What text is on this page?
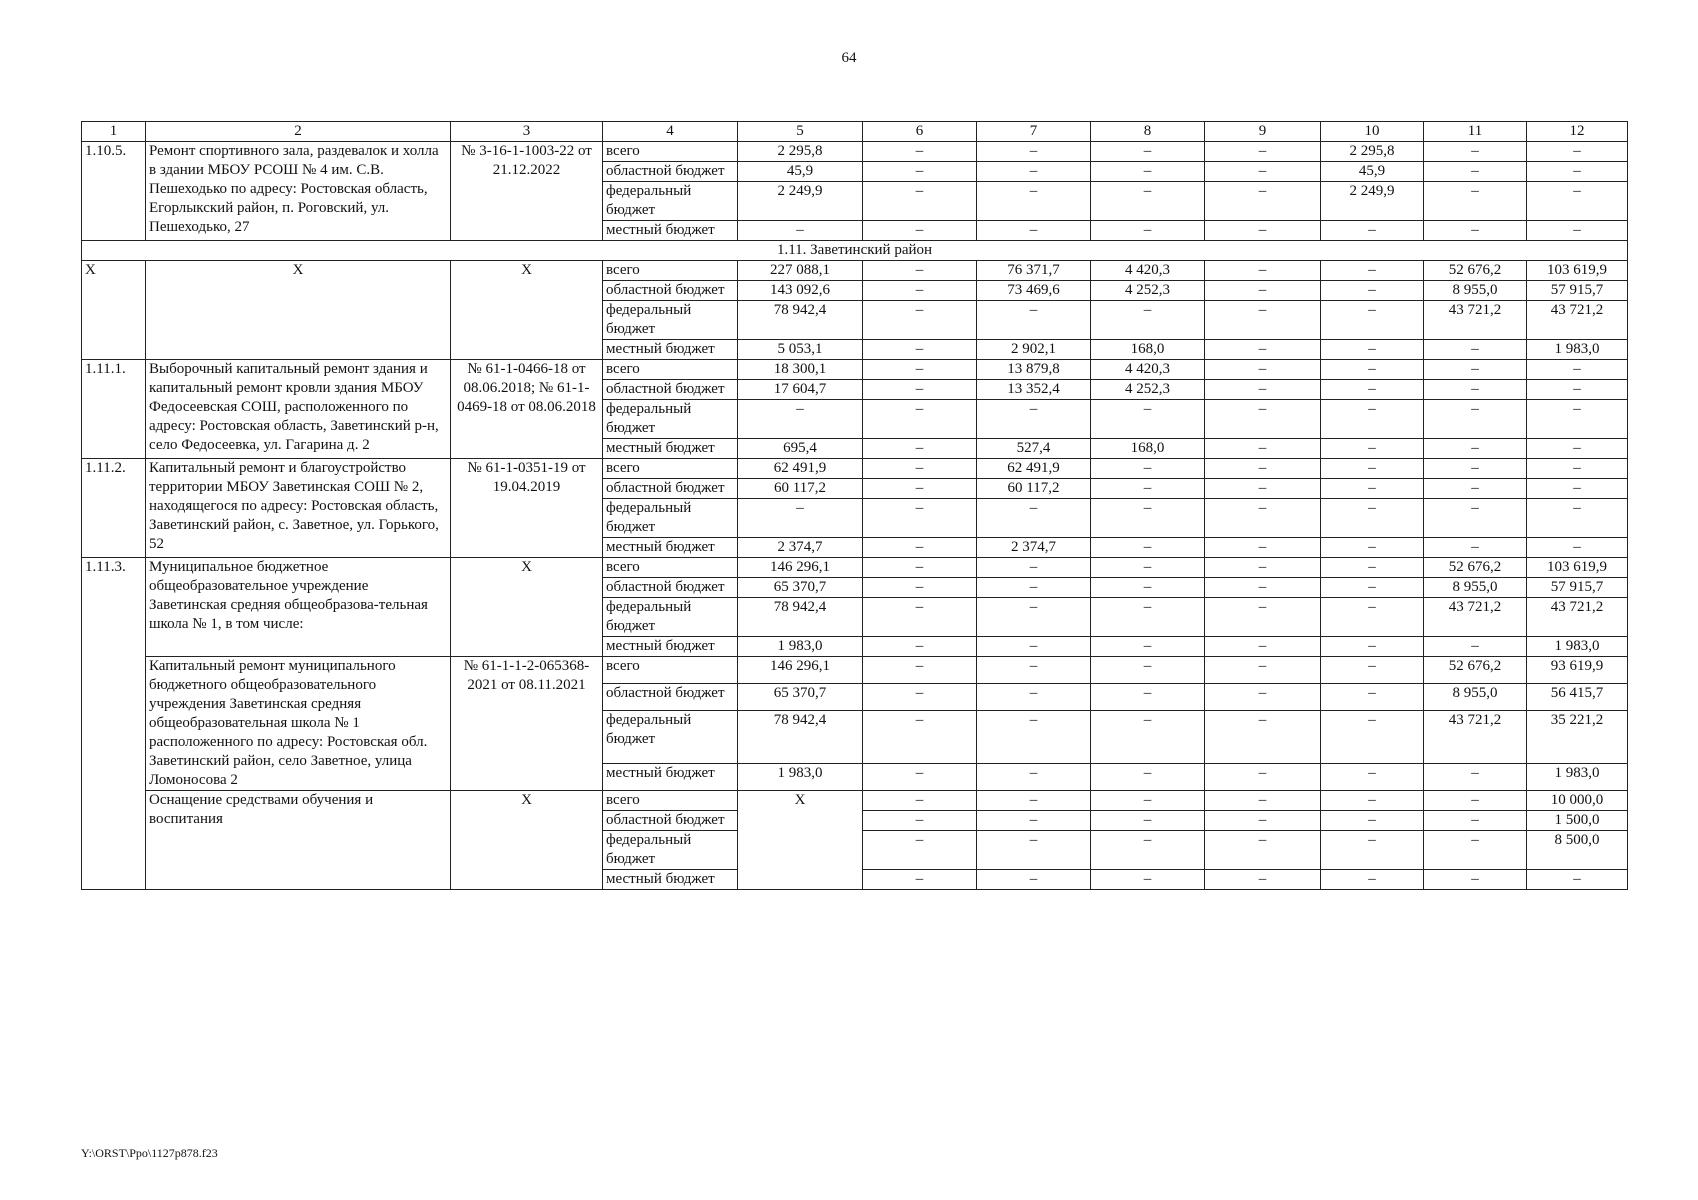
64
1	2	3	4	5	6	7	8	9	10	11	12
1.10.5.	Ремонт спортивного зала, раздевалок и холла в здании МБОУ РСОШ № 4 им. С.В. Пешеходько по адресу: Ростовская область, Егорлыкский район, п. Роговский, ул. Пешеходько, 27	№ 3-16-1-1003-22 от 21.12.2022	всего	2 295,8	–	–	–	–	2 295,8	–	–
			областной бюджет	45,9	–	–	–	–	45,9	–	–
			федеральный бюджет	2 249,9	–	–	–	–	2 249,9	–	–
			местный бюджет	–	–	–	–	–	–	–	–
1.11. Заветинский район											
X	X	X	всего	227 088,1	–	76 371,7	4 420,3	–	–	52 676,2	103 619,9
			областной бюджет	143 092,6	–	73 469,6	4 252,3	–	–	8 955,0	57 915,7
			федеральный бюджет	78 942,4	–	–	–	–	–	43 721,2	43 721,2
			местный бюджет	5 053,1	–	2 902,1	168,0	–	–	–	1 983,0
1.11.1.	Выборочный капитальный ремонт здания и капитальный ремонт кровли здания МБОУ Федосеевская СОШ, расположенного по адресу: Ростовская область, Заветинский р-н, село Федосеевка, ул. Гагарина д. 2	№ 61-1-0466-18 от 08.06.2018; № 61-1-0469-18 от 08.06.2018	всего	18 300,1	–	13 879,8	4 420,3	–	–	–	–
			областной бюджет	17 604,7	–	13 352,4	4 252,3	–	–	–	–
			федеральный бюджет	–	–	–	–	–	–	–	–
			местный бюджет	695,4	–	527,4	168,0	–	–	–	–
1.11.2.	Капитальный ремонт и благоустройство территории МБОУ Заветинская СОШ № 2, находящегося по адресу: Ростовская область, Заветинский район, с. Заветное, ул. Горького, 52	№ 61-1-0351-19 от 19.04.2019	всего	62 491,9	–	62 491,9	–	–	–	–	–
			областной бюджет	60 117,2	–	60 117,2	–	–	–	–	–
			федеральный бюджет	–	–	–	–	–	–	–	–
			местный бюджет	2 374,7	–	2 374,7	–	–	–	–	–
1.11.3.	Муниципальное бюджетное общеобразовательное учреждение Заветинская средняя общеобразова-тельная школа № 1, в том числе:	X	всего	146 296,1	–	–	–	–	–	52 676,2	103 619,9
			областной бюджет	65 370,7	–	–	–	–	–	8 955,0	57 915,7
			федеральный бюджет	78 942,4	–	–	–	–	–	43 721,2	43 721,2
			местный бюджет	1 983,0	–	–	–	–	–	–	1 983,0
	Капитальный ремонт муниципального бюджетного общеобразовательного учреждения Заветинская средняя общеобразовательная школа № 1 расположенного по адресу: Ростовская обл. Заветинский район, село Заветное, улица Ломоносова 2	№ 61-1-1-2-065368-2021 от 08.11.2021	всего	146 296,1	–	–	–	–	–	52 676,2	93 619,9
			областной бюджет	65 370,7	–	–	–	–	–	8 955,0	56 415,7
			федеральный бюджет	78 942,4	–	–	–	–	–	43 721,2	35 221,2
			местный бюджет	1 983,0	–	–	–	–	–	–	1 983,0
	Оснащение средствами обучения и воспитания	X	всего	X	–	–	–	–	–	–	10 000,0
			областной бюджет		–	–	–	–	–	–	1 500,0
			федеральный бюджет		–	–	–	–	–	–	8 500,0
			местный бюджет		–	–	–	–	–	–	–
Y:\ORST\Ppo\1127p878.f23
